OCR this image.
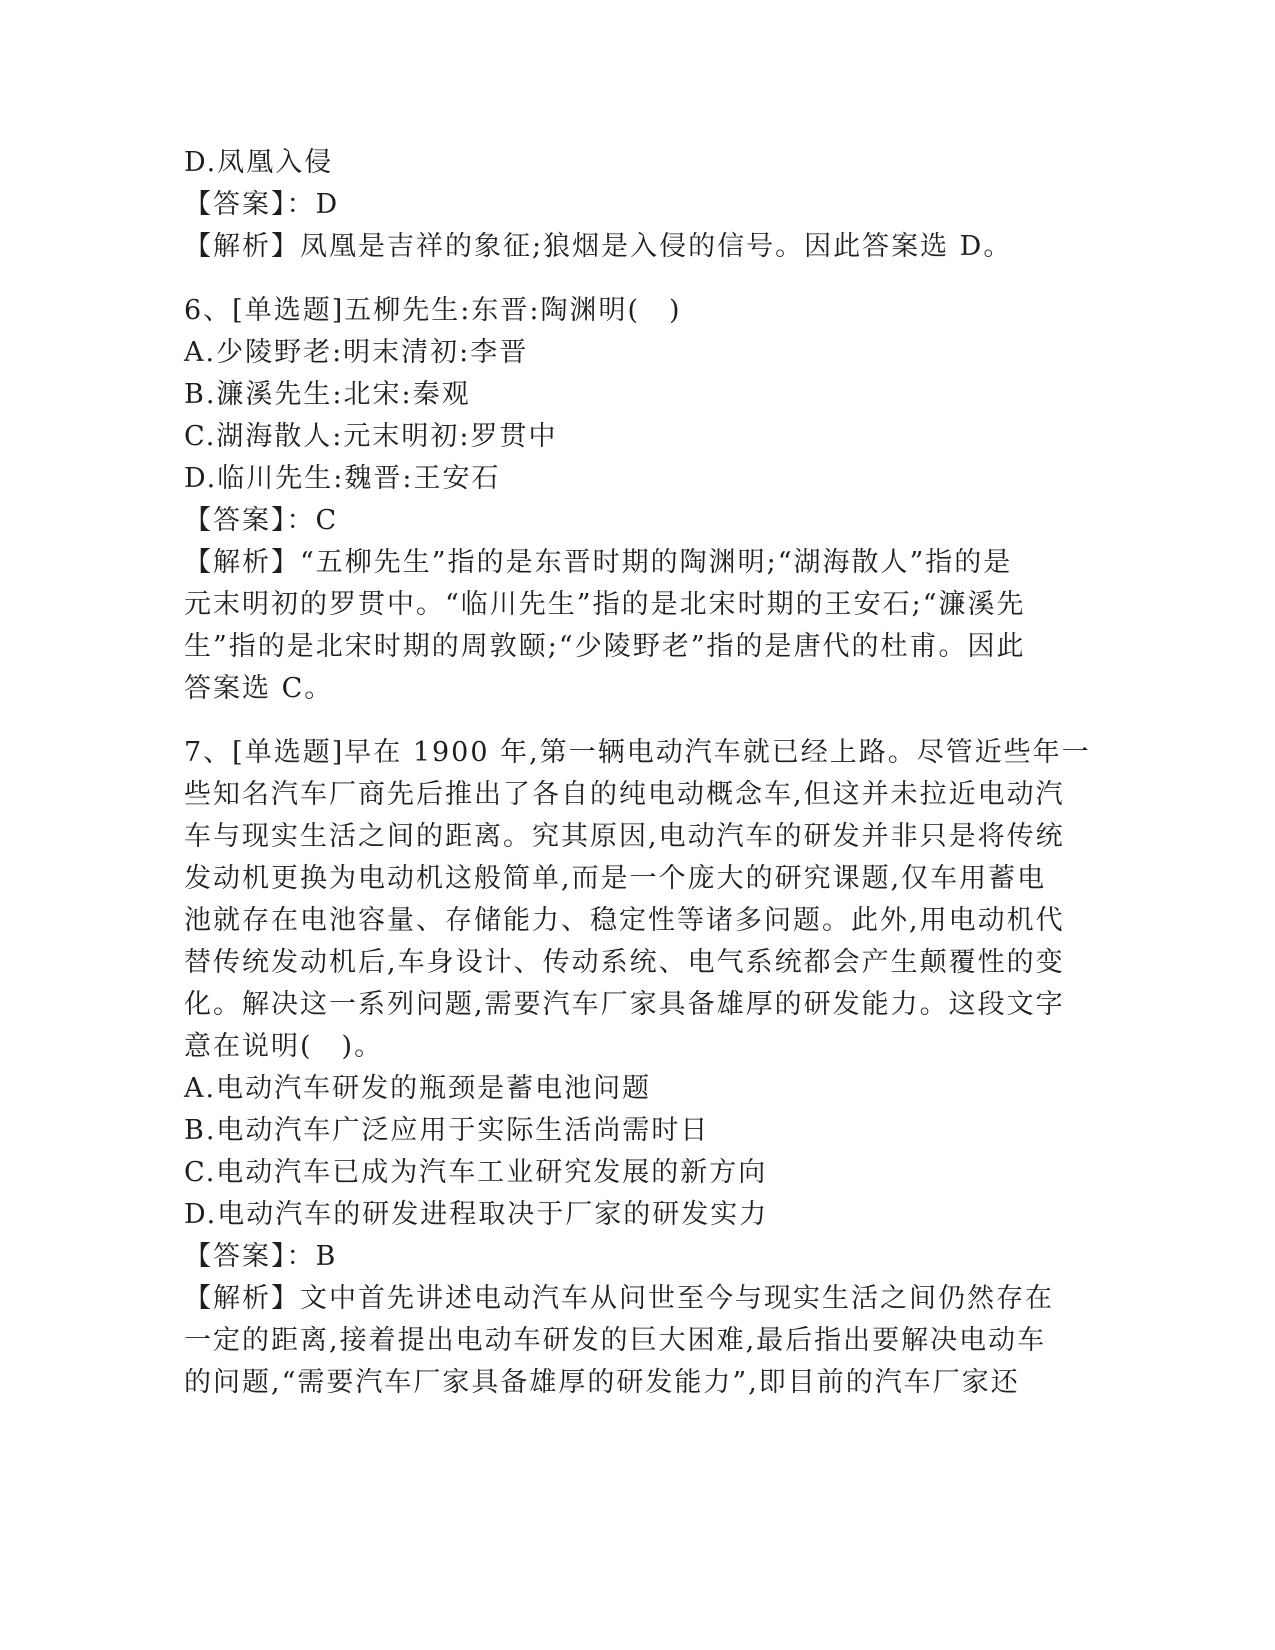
D.凤凰入侵
【答案】：D
【解析】凤凰是吉祥的象征;狼烟是入侵的信号。因此答案选 D。
6、[单选题]五柳先生:东晋:陶渊明(　)
A.少陵野老:明末清初:李晋
B.濂溪先生:北宋:秦观
C.湖海散人:元末明初:罗贯中
D.临川先生:魏晋:王安石
【答案】：C
【解析】“五柳先生”指的是东晋时期的陶渊明;“湖海散人”指的是
元末明初的罗贯中。“临川先生”指的是北宋时期的王安石;“濂溪先
生”指的是北宋时期的周敦颐;“少陵野老”指的是唐代的杜甫。因此
答案选 C。
7、[单选题]早在 1900 年,第一辆电动汽车就已经上路。尽管近些年一
些知名汽车厂商先后推出了各自的纯电动概念车,但这并未拉近电动汽
车与现实生活之间的距离。究其原因,电动汽车的研发并非只是将传统
发动机更换为电动机这般简单,而是一个庞大的研究课题,仅车用蓄电
池就存在电池容量、存储能力、稳定性等诸多问题。此外,用电动机代
替传统发动机后,车身设计、传动系统、电气系统都会产生颠覆性的变
化。解决这一系列问题,需要汽车厂家具备雄厚的研发能力。这段文字
意在说明(　)。
A.电动汽车研发的瓶颈是蓄电池问题
B.电动汽车广泛应用于实际生活尚需时日
C.电动汽车已成为汽车工业研究发展的新方向
D.电动汽车的研发进程取决于厂家的研发实力
【答案】：B
【解析】文中首先讲述电动汽车从问世至今与现实生活之间仍然存在
一定的距离,接着提出电动车研发的巨大困难,最后指出要解决电动车
的问题,“需要汽车厂家具备雄厚的研发能力”,即目前的汽车厂家还
